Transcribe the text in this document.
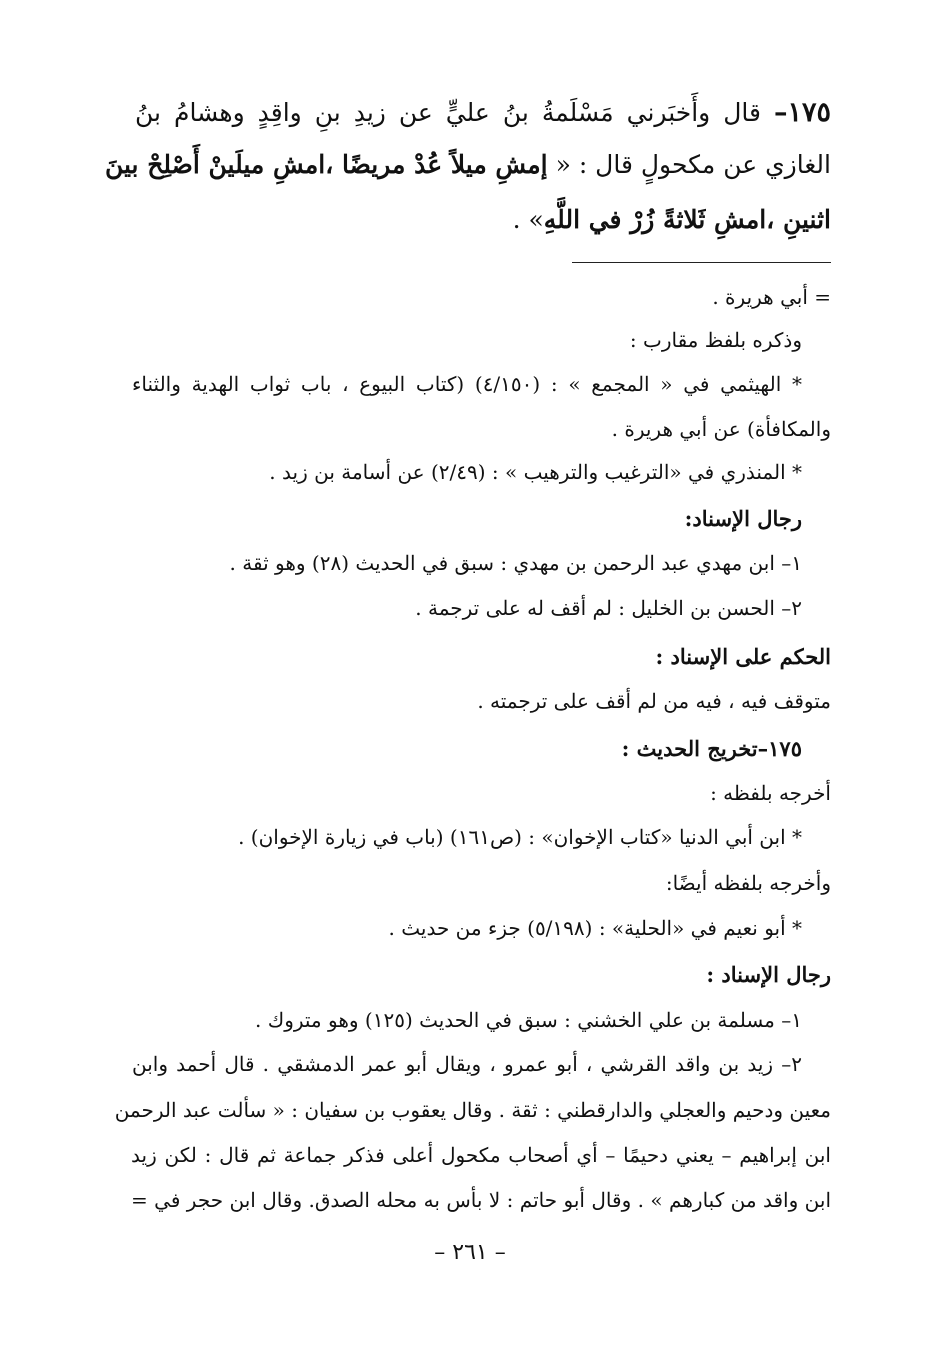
١٧٥– قال وأَخبَرني مَسْلَمةُ بنُ عليٍّ عن زيدِ بنِ واقِدٍ وهشامُ بنُ
الغازي عن مكحولٍ قال : « إمشِ ميلاً عُدْ مريضًا ،امشِ ميلَينْ أَصْلِحْ بينَ
اثنينِ ،امشِ ثَلاثةً زُرْ في اللَّهِ» .
= أبي هريرة .
وذكره بلفظ مقارب :
* الهيثمي في « المجمع » : (٤/١٥٠) (كتاب البيوع ، باب ثواب الهدية والثناء
والمكافأة) عن أبي هريرة .
* المنذري في «الترغيب والترهيب » : (٢/٤٩) عن أسامة بن زيد .
رجال الإسناد:
١– ابن مهدي عبد الرحمن بن مهدي : سبق في الحديث (٢٨) وهو ثقة .
٢– الحسن بن الخليل : لم أقف له على ترجمة .
الحكم على الإسناد :
متوقف فيه ، فيه من لم أقف على ترجمته .
١٧٥–تخريج الحديث :
أخرجه بلفظه :
* ابن أبي الدنيا «كتاب الإخوان» : (ص١٦١) (باب في زيارة الإخوان) .
وأخرجه بلفظه أيضًا:
* أبو نعيم في «الحلية» : (٥/١٩٨) جزء من حديث .
رجال الإسناد :
١– مسلمة بن علي الخشني : سبق في الحديث (١٢٥) وهو متروك .
٢– زيد بن واقد القرشي ، أبو عمرو ، ويقال أبو عمر الدمشقي . قال أحمد وابن
معين ودحيم والعجلي والدارقطني : ثقة . وقال يعقوب بن سفيان : « سألت عبد الرحمن
ابن إبراهيم – يعني دحيمًا – أي أصحاب مكحول أعلى فذكر جماعة ثم قال : لكن زيد
ابن واقد من كبارهم » . وقال أبو حاتم : لا بأس به محله الصدق. وقال ابن حجر في =
– ٢٦١ –
